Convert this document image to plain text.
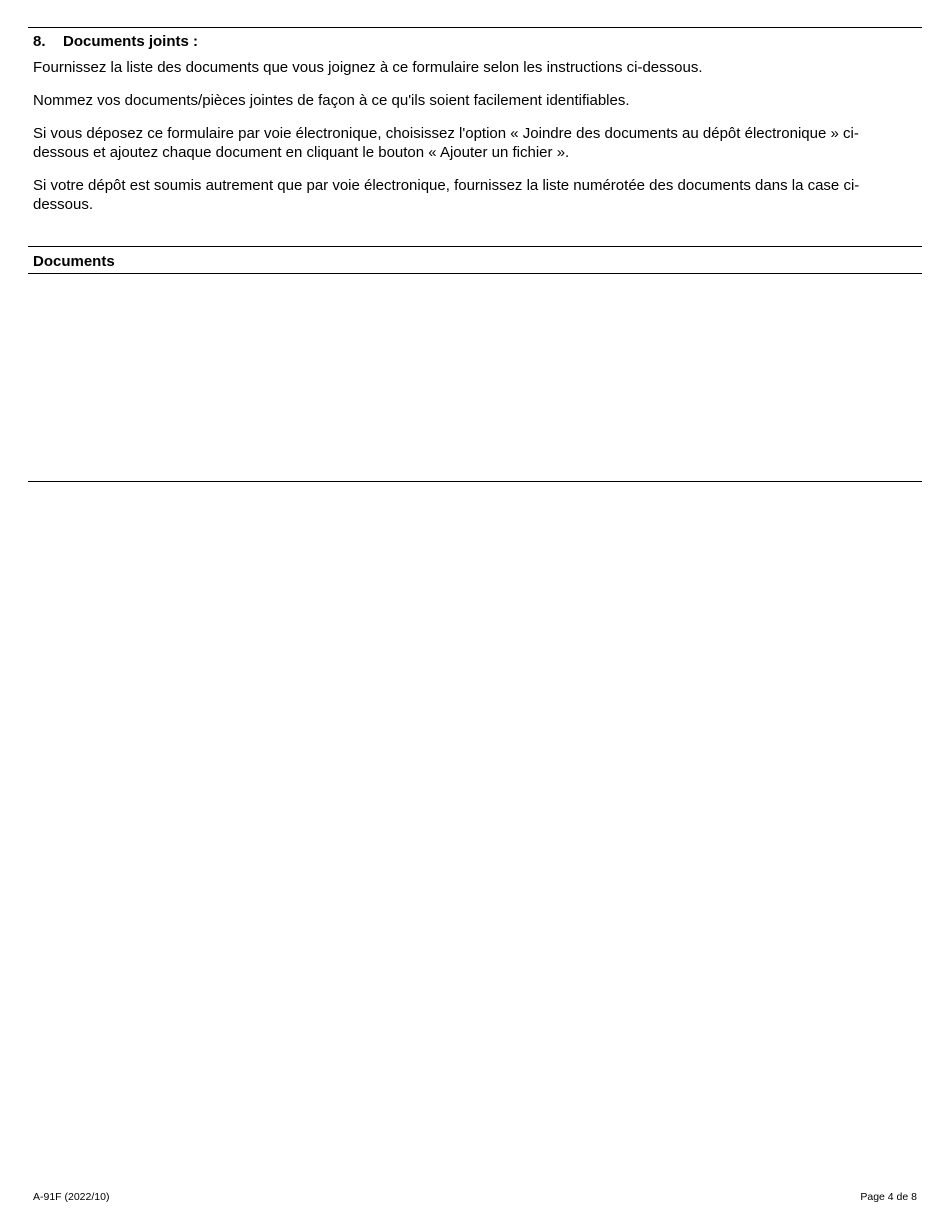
8. Documents joints :
Fournissez la liste des documents que vous joignez à ce formulaire selon les instructions ci-dessous.
Nommez vos documents/pièces jointes de façon à ce qu'ils soient facilement identifiables.
Si vous déposez ce formulaire par voie électronique, choisissez l'option « Joindre des documents au dépôt électronique » ci-dessous et ajoutez chaque document en cliquant le bouton « Ajouter un fichier ».
Si votre dépôt est soumis autrement que par voie électronique, fournissez la liste numérotée des documents dans la case ci-dessous.
Documents
A-91F (2022/10)	Page 4 de 8
